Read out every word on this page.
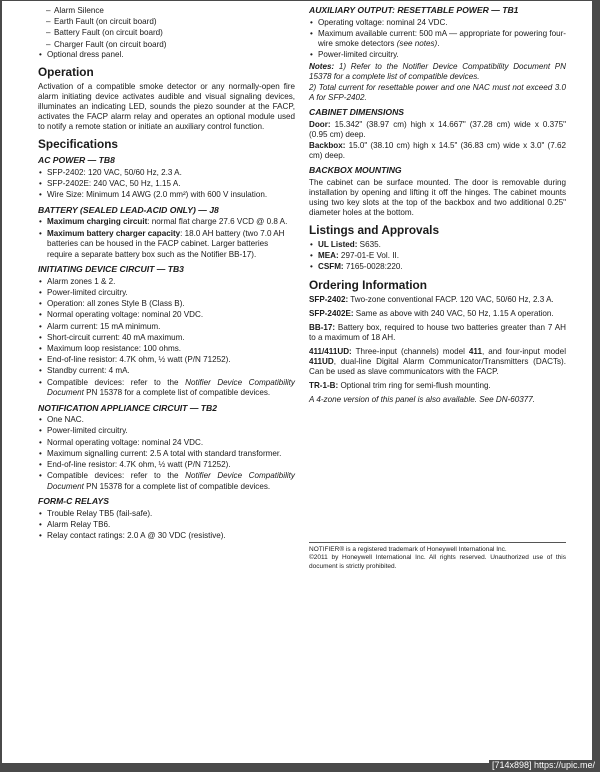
– Alarm Silence
– Earth Fault (on circuit board)
– Battery Fault (on circuit board)
– Charger Fault (on circuit board)
• Optional dress panel.
Operation

Activation of a compatible smoke detector or any normally-open fire alarm initiating device activates audible and visual signaling devices, illuminates an indicating LED, sounds the piezo sounder at the FACP, activates the FACP alarm relay and operates an optional module used to notify a remote station or initiate an auxiliary control function.

Specifications
AC POWER — TB8
• SFP-2402: 120 VAC, 50/60 Hz, 2.3 A.
• SFP-2402E: 240 VAC, 50 Hz, 1.15 A.
• Wire Size: Minimum 14 AWG (2.0 mm²) with 600 V insulation.
BATTERY (SEALED LEAD-ACID ONLY) — J8
• Maximum charging circuit: normal flat charge 27.6 VCD @ 0.8 A.
• Maximum battery charger capacity: 18.0 AH battery (two 7.0 AH batteries can be housed in the FACP cabinet. Larger batteries require a separate battery box such as the Notifier BB-17).
INITIATING DEVICE CIRCUIT — TB3
• Alarm zones 1 & 2.
• Power-limited circuitry.
• Operation: all zones Style B (Class B).
• Normal operating voltage: nominal 20 VDC.
• Alarm current: 15 mA minimum.
• Short-circuit current: 40 mA maximum.
• Maximum loop resistance: 100 ohms.
• End-of-line resistor: 4.7K ohm, ½ watt (P/N 71252).
• Standby current: 4 mA.
• Compatible devices: refer to the Notifier Device Compatibility Document PN 15378 for a complete list of compatible devices.
NOTIFICATION APPLIANCE CIRCUIT — TB2
• One NAC.
• Power-limited circuitry.
• Normal operating voltage: nominal 24 VDC.
• Maximum signalling current: 2.5 A total with standard transformer.
• End-of-line resistor: 4.7K ohm, ½ watt (P/N 71252).
• Compatible devices: refer to the Notifier Device Compatibility Document PN 15378 for a complete list of compatible devices.
FORM-C RELAYS
• Trouble Relay TB5 (fail-safe).
• Alarm Relay TB6.
• Relay contact ratings: 2.0 A @ 30 VDC (resistive).
AUXILIARY OUTPUT: RESETTABLE POWER — TB1
• Operating voltage: nominal 24 VDC.
• Maximum available current: 500 mA — appropriate for powering four-wire smoke detectors (see notes).
• Power-limited circuitry.

Notes: 1) Refer to the Notifier Device Compatibility Document PN 15378 for a complete list of compatible devices.

2) Total current for resettable power and one NAC must not exceed 3.0 A for SFP-2402.

CABINET DIMENSIONS

Door: 15.342" (38.97 cm) high x 14.667" (37.28 cm) wide x 0.375" (0.95 cm) deep.

Backbox: 15.0" (38.10 cm) high x 14.5" (36.83 cm) wide x 3.0" (7.62 cm) deep.

BACKBOX MOUNTING

The cabinet can be surface mounted. The door is removable during installation by opening and lifting it off the hinges. The cabinet mounts using two key slots at the top of the backbox and two additional 0.25" diameter holes at the bottom.

Listings and Approvals
• UL Listed: S635.
• MEA: 297-01-E Vol. II.
• CSFM: 7165-0028:220.
Ordering Information

SFP-2402: Two-zone conventional FACP. 120 VAC, 50/60 Hz, 2.3 A.

SFP-2402E: Same as above with 240 VAC, 50 Hz, 1.15 A operation.

BB-17: Battery box, required to house two batteries greater than 7 AH to a maximum of 18 AH.

411/411UD: Three-input (channels) model 411, and four-input model 411UD, dual-line Digital Alarm Communicator/Transmitters (DACTs). Can be used as slave communicators with the FACP.

TR-1-B: Optional trim ring for semi-flush mounting.

A 4-zone version of this panel is also available. See DN-60377.

NOTIFIER® is a registered trademark of Honeywell International Inc.

©2011 by Honeywell International Inc. All rights reserved. Unauthorized use of this document is strictly prohibited.

[714x898] https://upic.me/
